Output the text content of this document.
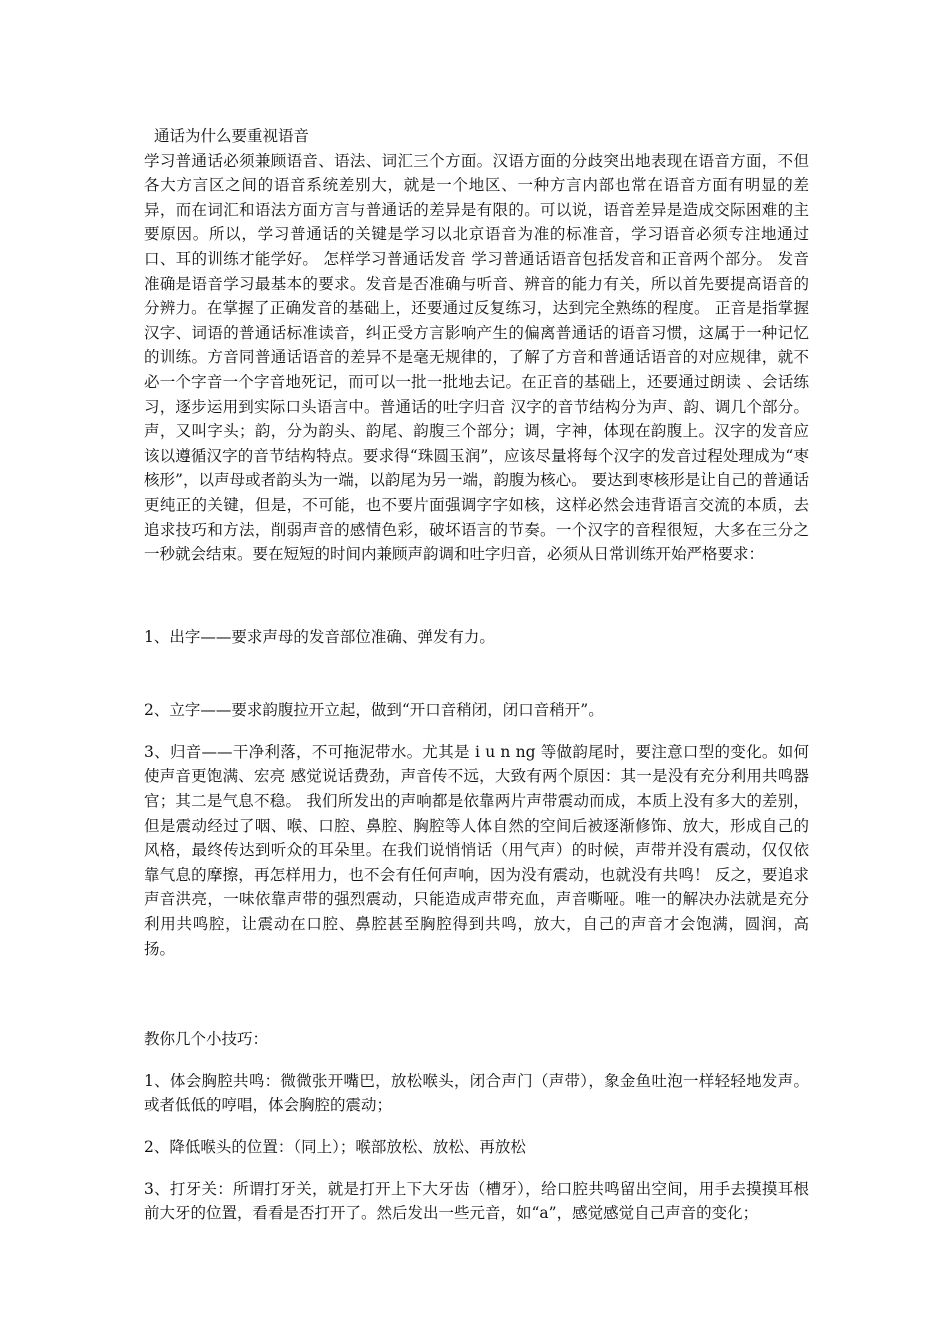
通话为什么要重视语音

学习普通话必须兼顾语音、语法、词汇三个方面。汉语方面的分歧突出地表现在语音方面，不但各大方言区之间的语音系统差别大，就是一个地区、一种方言内部也常在语音方面有明显的差异，而在词汇和语法方面方言与普通话的差异是有限的。可以说，语音差异是造成交际困难的主要原因。所以，学习普通话的关键是学习以北京语音为准的标准音，学习语音必须专注地通过口、耳的训练才能学好。 怎样学习普通话发音 学习普通话语音包括发音和正音两个部分。 发音准确是语音学习最基本的要求。发音是否准确与听音、辨音的能力有关，所以首先要提高语音的分辨力。在掌握了正确发音的基础上，还要通过反复练习，达到完全熟练的程度。 正音是指掌握汉字、词语的普通话标准读音，纠正受方言影响产生的偏离普通话的语音习惯，这属于一种记忆的训练。方音同普通话语音的差异不是毫无规律的，了解了方音和普通话语音的对应规律，就不必一个字音一个字音地死记，而可以一批一批地去记。在正音的基础上，还要通过朗读 、会话练习，逐步运用到实际口头语言中。普通话的吐字归音 汉字的音节结构分为声、韵、调几个部分。声，又叫字头；韵，分为韵头、韵尾、韵腹三个部分；调，字神，体现在韵腹上。汉字的发音应该以遵循汉字的音节结构特点。要求得“珠圆玉润”，应该尽量将每个汉字的发音过程处理成为“枣核形”，以声母或者韵头为一端，以韵尾为另一端，韵腹为核心。 要达到枣核形是让自己的普通话更纯正的关键，但是，不可能，也不要片面强调字字如核，这样必然会违背语言交流的本质，去追求技巧和方法，削弱声音的感情色彩，破坏语言的节奏。一个汉字的音程很短，大多在三分之一秒就会结束。要在短短的时间内兼顾声韵调和吐字归音，必须从日常训练开始严格要求：

1、出字——要求声母的发音部位准确、弹发有力。

2、立字——要求韵腹拉开立起，做到“开口音稍闭，闭口音稍开”。

3、归音——干净利落，不可拖泥带水。尤其是 i u n ng 等做韵尾时，要注意口型的变化。如何使声音更饱满、宏亮 感觉说话费劲，声音传不远，大致有两个原因：其一是没有充分利用共鸣器官；其二是气息不稳。 我们所发出的声响都是依靠两片声带震动而成，本质上没有多大的差别，但是震动经过了咽、喉、口腔、鼻腔、胸腔等人体自然的空间后被逐渐修饰、放大，形成自己的风格，最终传达到听众的耳朵里。在我们说悄悄话（用气声）的时候，声带并没有震动，仅仅依靠气息的摩擦，再怎样用力，也不会有任何声响，因为没有震动，也就没有共鸣！ 反之，要追求声音洪亮，一味依靠声带的强烈震动，只能造成声带充血，声音嘶哑。唯一的解决办法就是充分利用共鸣腔，让震动在口腔、鼻腔甚至胸腔得到共鸣，放大，自己的声音才会饱满，圆润，高扬。

教你几个小技巧：

1、体会胸腔共鸣：微微张开嘴巴，放松喉头，闭合声门（声带），象金鱼吐泡一样轻轻地发声。或者低低的哼唱，体会胸腔的震动；

2、降低喉头的位置：（同上）；喉部放松、放松、再放松

3、打牙关：所谓打牙关，就是打开上下大牙齿（槽牙），给口腔共鸣留出空间，用手去摸摸耳根前大牙的位置，看看是否打开了。然后发出一些元音，如“a”，感觉感觉自己声音的变化；
